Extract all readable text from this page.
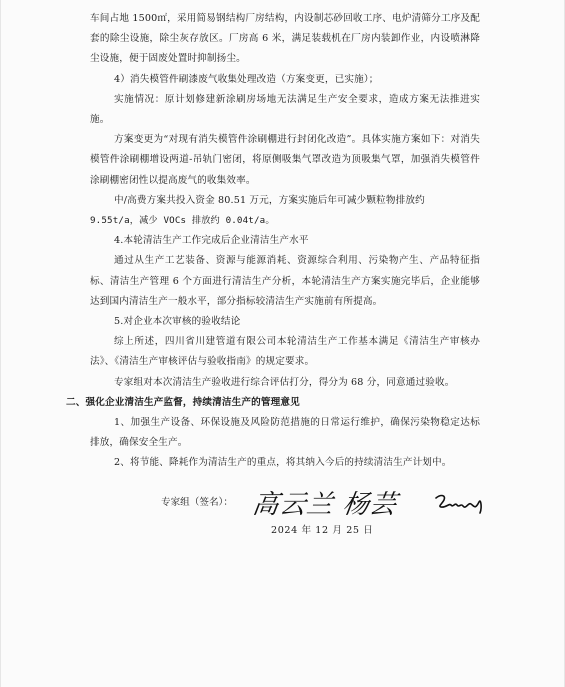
车间占地 1500㎡，采用简易钢结构厂房结构，内设制芯砂回收工序、电炉清筛分工序及配套的除尘设施，除尘灰存放区。厂房高 6 米，满足装载机在厂房内装卸作业，内设喷淋降尘设施，便于固废处置时抑制扬尘。

4）消失模管件刷漆废气收集处理改造（方案变更，已实施）；

实施情况：原计划修建新涂刷房场地无法满足生产安全要求，造成方案无法推进实施。

方案变更为“对现有消失模管件涂刷棚进行封闭化改造”。具体实施方案如下：对消失模管件涂刷棚增设两道-吊轨门密闭，将原侧吸集气罩改造为顶吸集气罩，加强消失模管件涂刷棚密闭性以提高废气的收集效率。

中/高费方案共投入资金 80.51 万元，方案实施后年可减少颗粒物排放约

9.55t/a，减少 VOCs 排放约 0.04t/a。

4.本轮清洁生产工作完成后企业清洁生产水平

通过从生产工艺装备、资源与能源消耗、资源综合利用、污染物产生、产品特征指标、清洁生产管理 6 个方面进行清洁生产分析，本轮清洁生产方案实施完毕后，企业能够达到国内清洁生产一般水平，部分指标较清洁生产实施前有所提高。

5.对企业本次审核的验收结论

综上所述，四川省川建管道有限公司本轮清洁生产工作基本满足《清洁生产审核办法》、《清洁生产审核评估与验收指南》的规定要求。

专家组对本次清洁生产验收进行综合评估打分，得分为 68 分，同意通过验收。

二、强化企业清洁生产监督，持续清洁生产的管理意见

1、加强生产设备、环保设施及风险防范措施的日常运行维护，确保污染物稳定达标排放，确保安全生产。

2、将节能、降耗作为清洁生产的重点，将其纳入今后的持续清洁生产计划中。

专家组（签名）： 高云兰 杨芸
2024 年 12 月 25 日
